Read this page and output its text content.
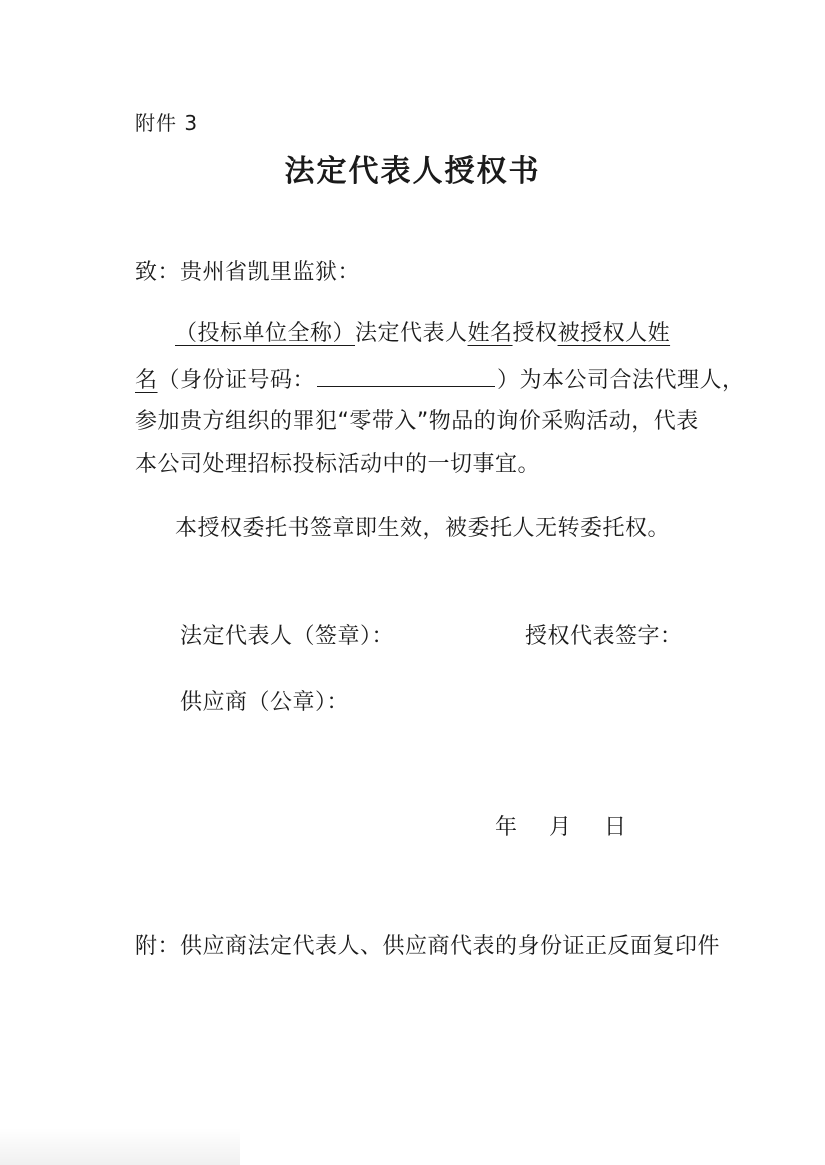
附件 3
法定代表人授权书
致：贵州省凯里监狱：
（投标单位全称）法定代表人姓名授权被授权人姓
名（身份证号码：	）为本公司合法代理人，
参加贵方组织的罪犯“零带入”物品的询价采购活动，代表
本公司处理招标投标活动中的一切事宜。
本授权委托书签章即生效，被委托人无转委托权。
法定代表人（签章）：	授权代表签字：
供应商（公章）：
年 月 日
附：供应商法定代表人、供应商代表的身份证正反面复印件
